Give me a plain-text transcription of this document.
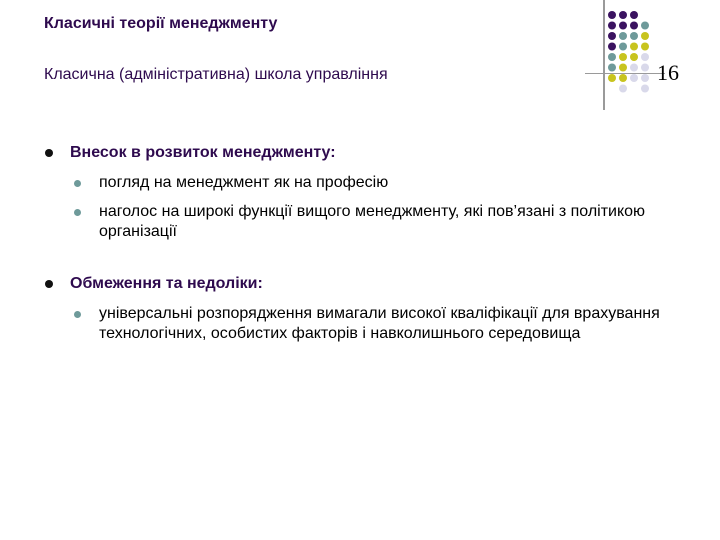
Класичні теорії менеджменту
Класична (адміністративна) школа управління	16
Внесок в розвиток менеджменту:
погляд на менеджмент як на професію
наголос на широкі функції вищого менеджменту, які пов’язані з політикою організації
Обмеження та недоліки:
універсальні розпорядження вимагали високої кваліфікації для врахування технологічних, особистих факторів і навколишнього середовища
